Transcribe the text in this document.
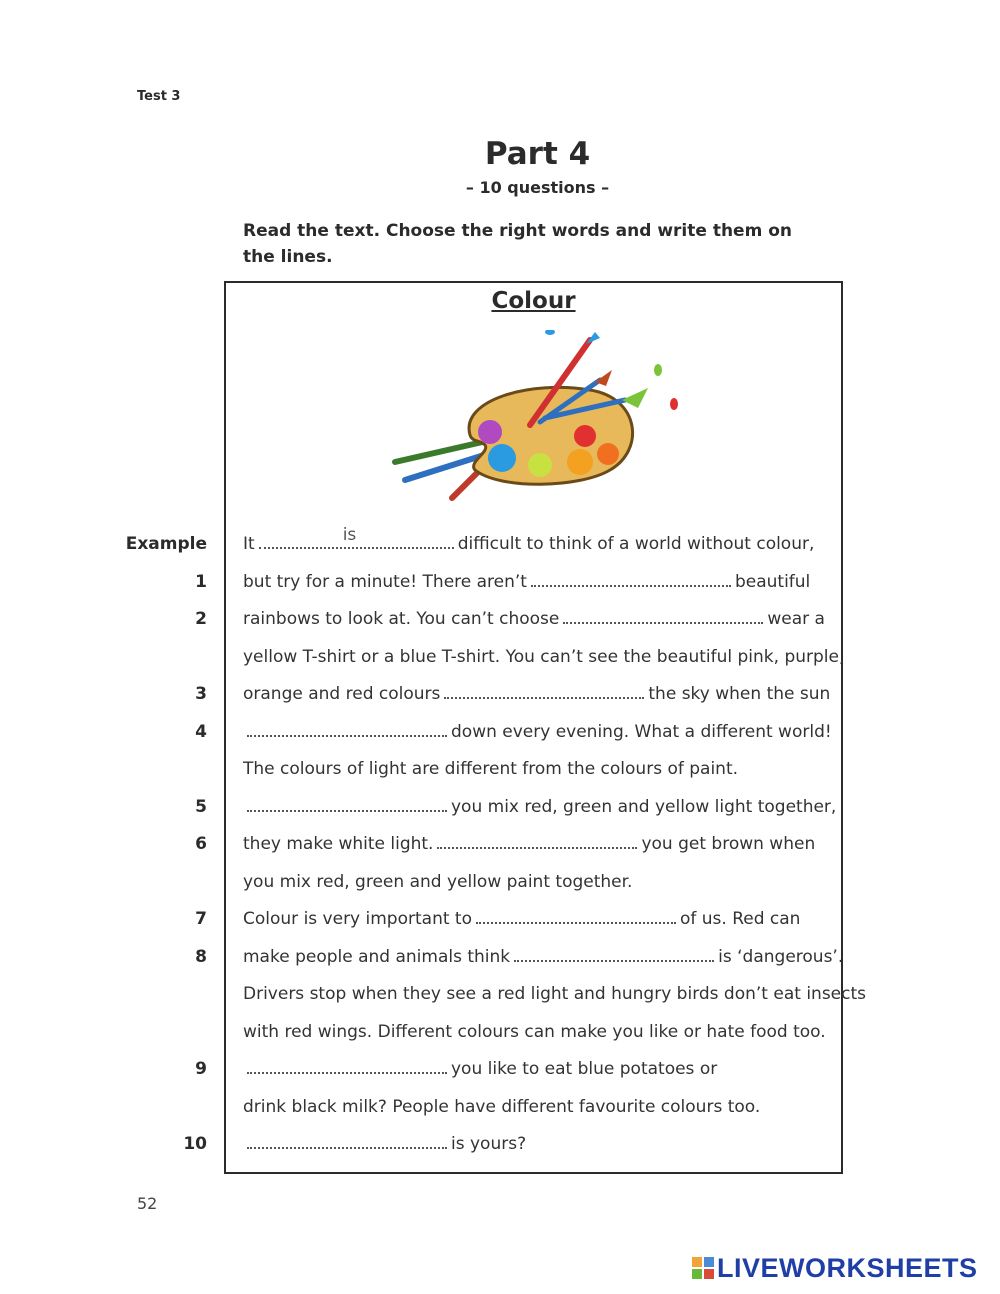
Test 3
Part 4
– 10 questions –
Read the text. Choose the right words and write them on the lines.
Colour
Example It	is	difficult to think of a world without colour,
1 but try for a minute! There aren’t	beautiful
2 rainbows to look at. You can’t choose	wear a
yellow T-shirt or a blue T-shirt. You can’t see the beautiful pink, purple,
3 orange and red colours	the sky when the sun
4	down every evening. What a different world!
The colours of light are different from the colours of paint.
5	you mix red, green and yellow light together,
6 they make white light.	you get brown when
you mix red, green and yellow paint together.
7 Colour is very important to	of us. Red can
8 make people and animals think	is ‘dangerous’.
Drivers stop when they see a red light and hungry birds don’t eat insects
with red wings. Different colours can make you like or hate food too.
9	you like to eat blue potatoes or
drink black milk? People have different favourite colours too.
10	is yours?
52
LIVEWORKSHEETS
